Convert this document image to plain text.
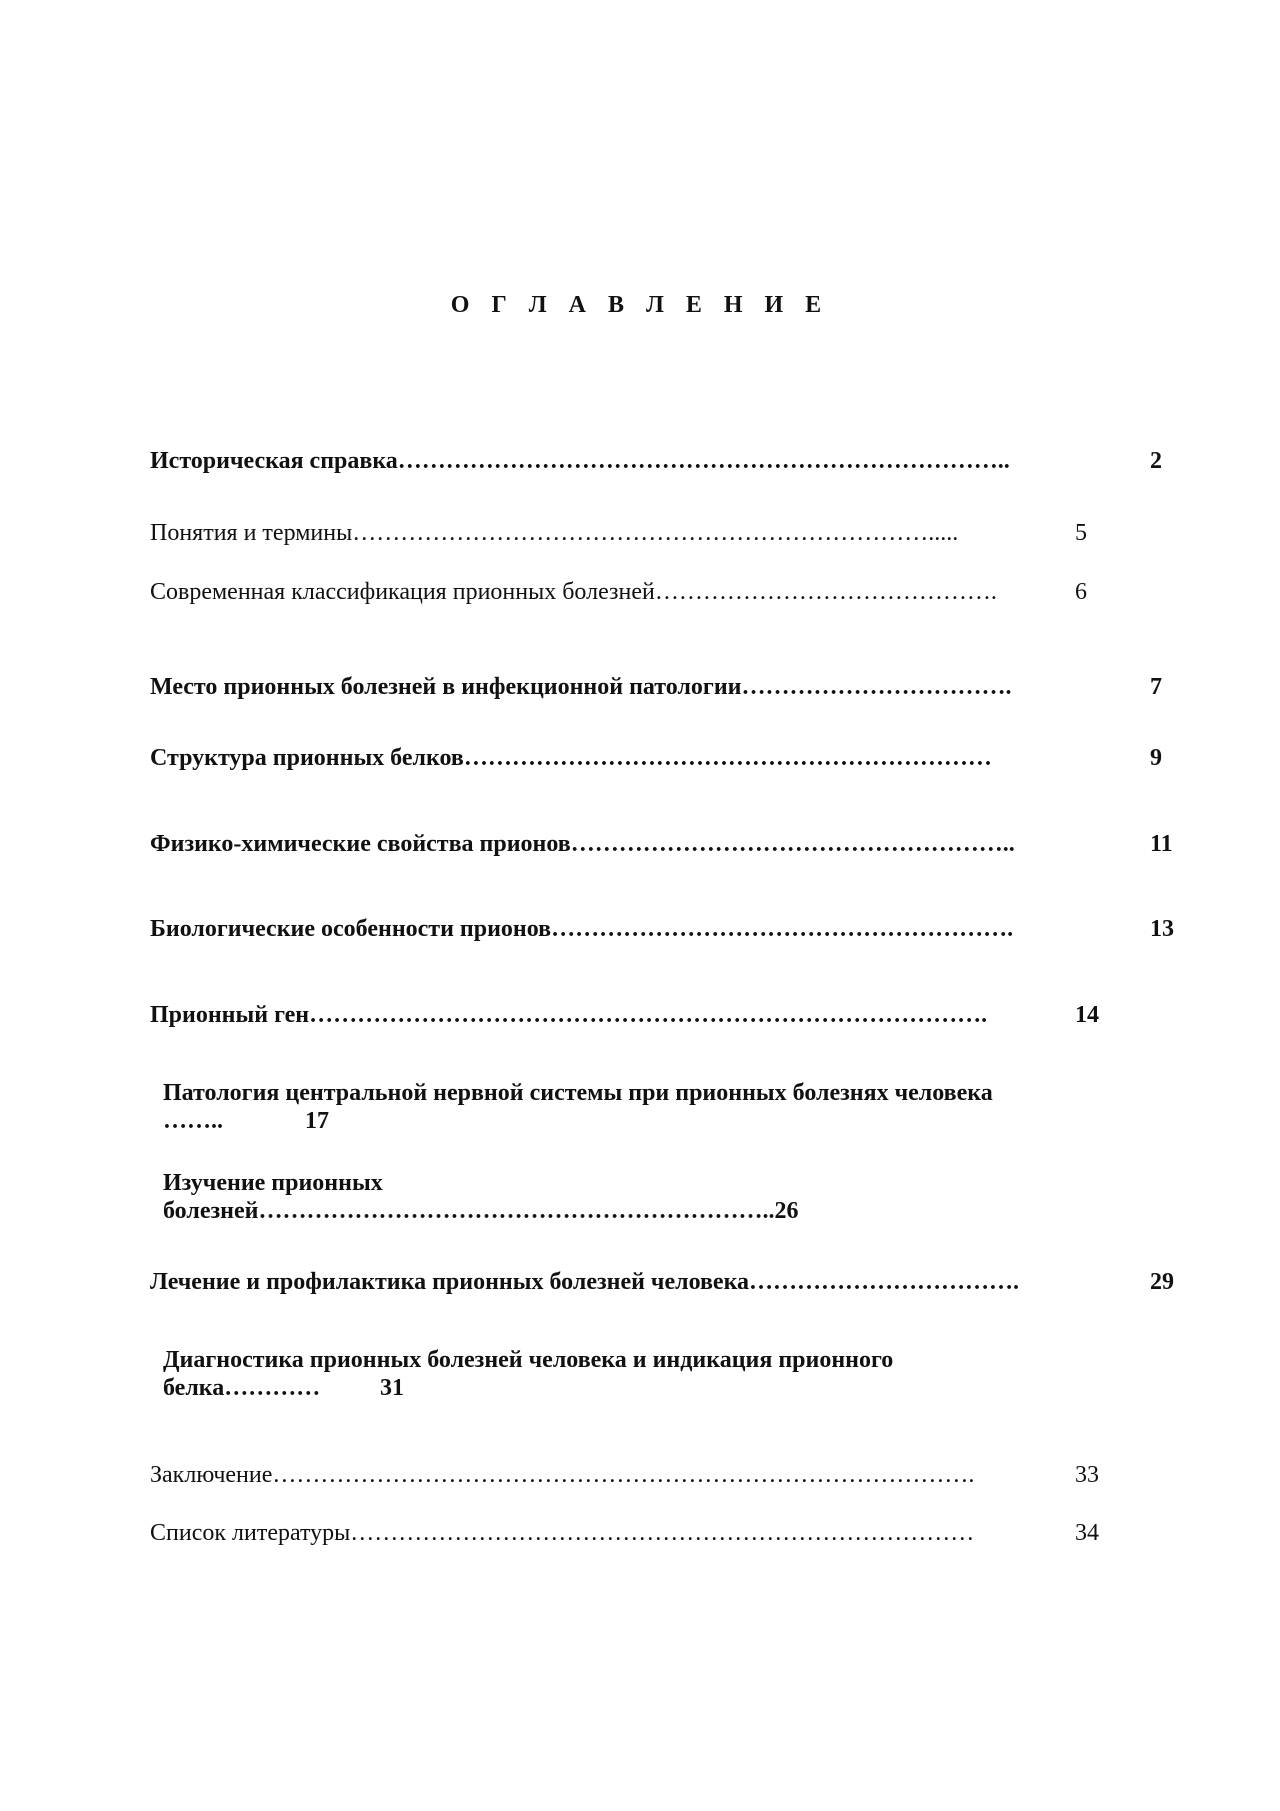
О Г Л А В Л Е Н И Е
Историческая справка…………………………………………………………………..	2
Понятия и термины……………………………………………………………….....	5
Современная классификация прионных болезней…………………………………….	6
Место прионных болезней в инфекционной патологии…………………………….	7
Структура прионных белков…………………………………………………………	9
Физико-химические свойства прионов………………………………………………..	11
Биологические особенности прионов………………………………………………….	13
Прионный ген………………………………………………………………………….	14
Патология центральной нервной системы при прионных болезнях человека
……..	17
Изучение прионных
болезней………………………………………………………..26
Лечение и профилактика прионных болезней человека…………………………….	29
Диагностика прионных болезней человека и индикация прионного
белка………… 31
Заключение…………………………………………………………………………….	33
Список литературы……………………………………………………………………	34
